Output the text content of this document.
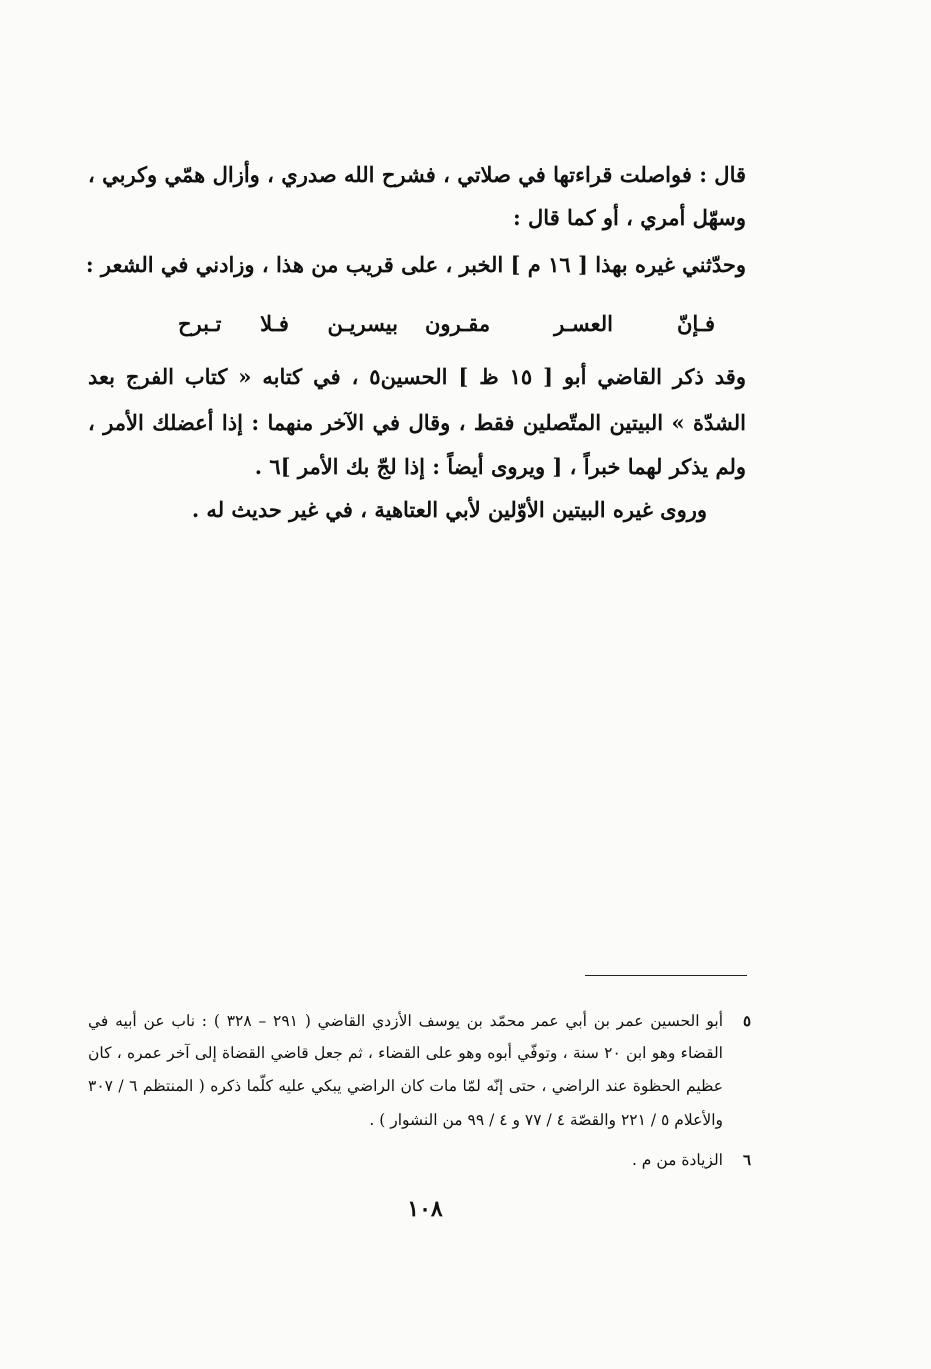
قال : فواصلت قراءتها في صلاتي ، فشرح الله صدري ، وأزال همّي وكربي ،
وسهّل أمري ، أو كما قال :
وحدّثني غيره بهذا [ ١٦ م ] الخبر ، على قريب من هذا ، وزادني في الشعر :
فـإنّ العسـر مقـرون
بيسريـن فـلا تـبرح
وقد ذكر القاضي أبو [ ١٥ ظ ] الحسين٥ ، في كتابه « كتاب الفرج بعد
الشدّة » البيتين المتّصلين فقط ، وقال في الآخر منهما : إذا أعضلك الأمر ،
ولم يذكر لهما خبراً ، [ ويروى أيضاً : إذا لجّ بك الأمر ]٦ .
وروى غيره البيتين الأوّلين لأبي العتاهية ، في غير حديث له .
٥
أبو الحسين عمر بن أبي عمر محمّد بن يوسف الأزدي القاضي ( ٢٩١ – ٣٢٨ ) : ناب عن أبيه في
القضاء وهو ابن ٢٠ سنة ، وتوفّي أبوه وهو على القضاء ، ثم جعل قاضي القضاة إلى آخر عمره ، كان
عظيم الحظوة عند الراضي ، حتى إنّه لمّا مات كان الراضي يبكي عليه كلّما ذكره ( المنتظم ٦ / ٣٠٧
والأعلام ٥ / ٢٢١ والقصّة ٤ / ٧٧ و ٤ / ٩٩ من النشوار ) .
٦
الزيادة من م .
١٠٨
